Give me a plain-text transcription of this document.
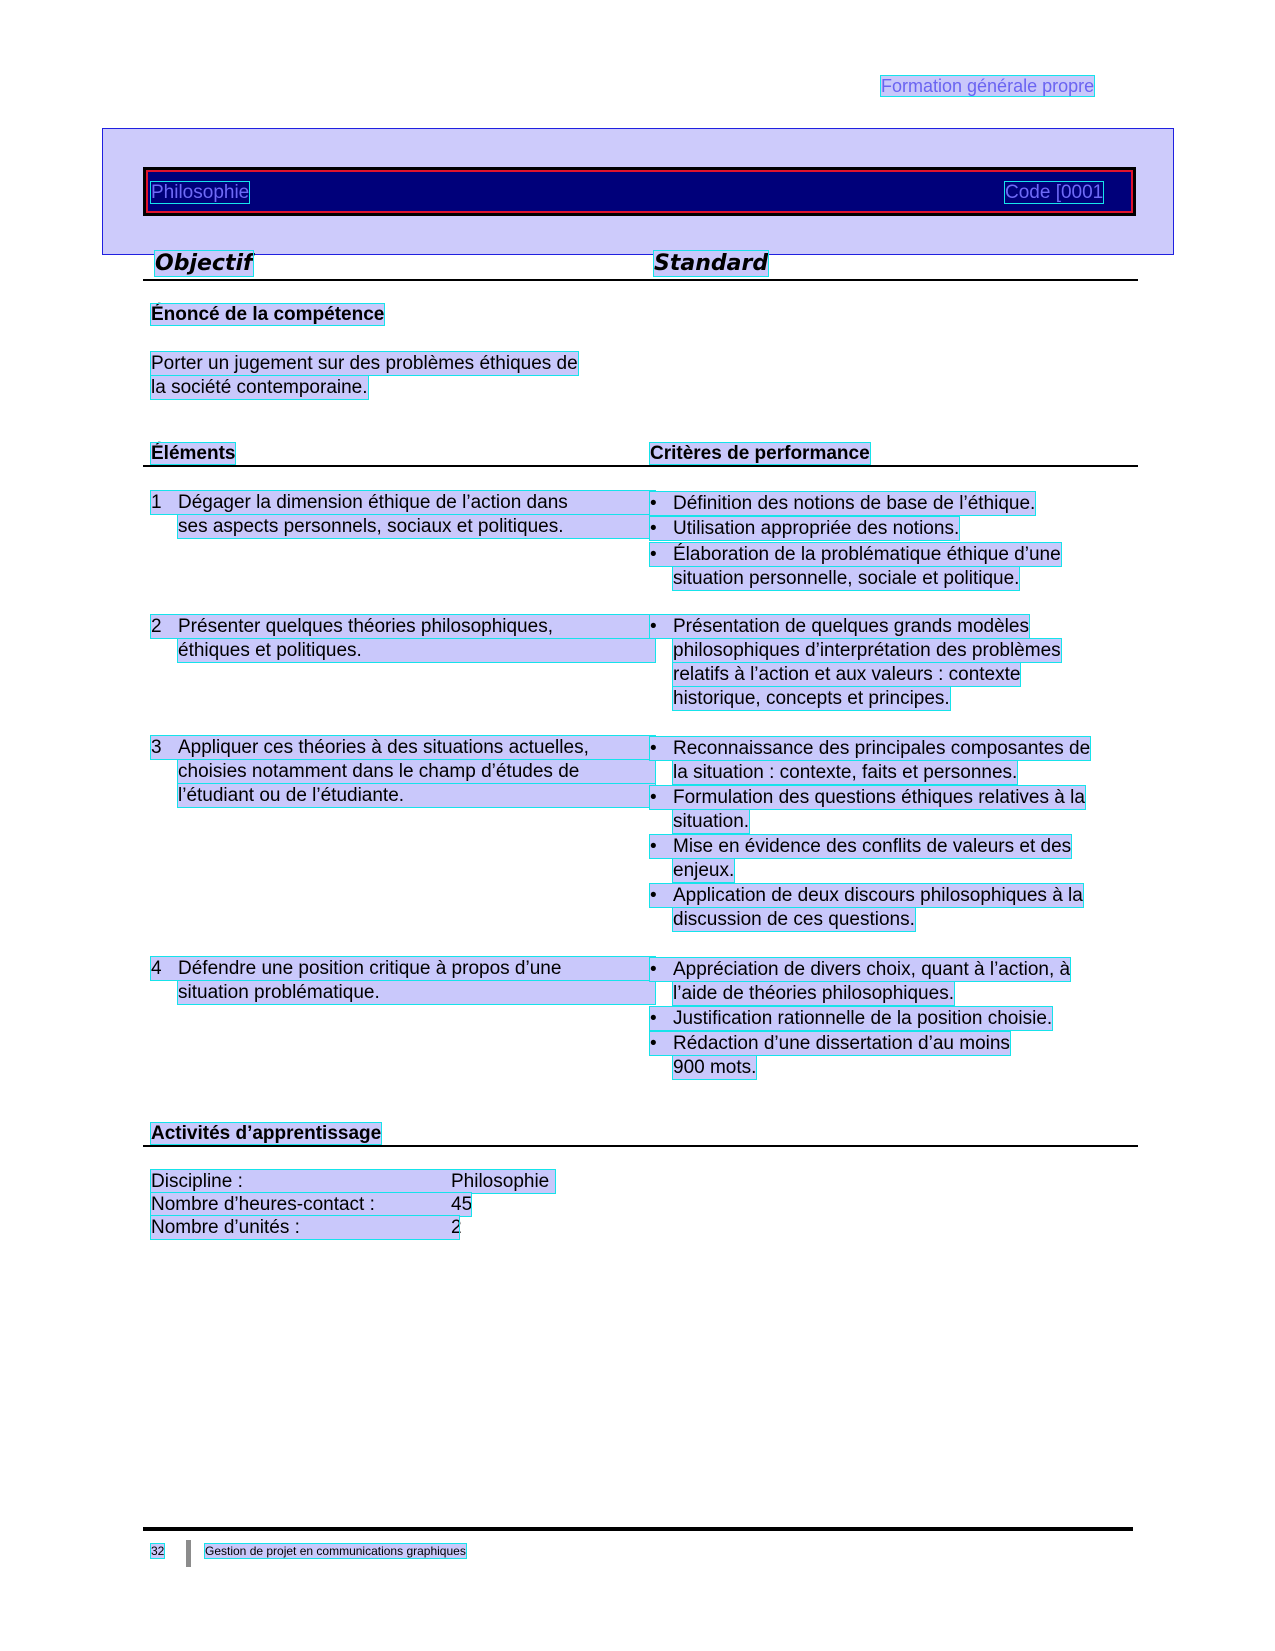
Formation générale propre
Philosophie	Code [0001
Objectif	Standard
Énoncé de la compétence
Porter un jugement sur des problèmes éthiques de
la société contemporaine.
Éléments	Critères de performance
1 Dégager la dimension éthique de l’action dans
ses aspects personnels, sociaux et politiques.
• Définition des notions de base de l’éthique.
• Utilisation appropriée des notions.
• Élaboration de la problématique éthique d’une
situation personnelle, sociale et politique.
2 Présenter quelques théories philosophiques,
éthiques et politiques.
• Présentation de quelques grands modèles
philosophiques d’interprétation des problèmes
relatifs à l’action et aux valeurs : contexte
historique, concepts et principes.
3 Appliquer ces théories à des situations actuelles,
choisies notamment dans le champ d’études de
l’étudiant ou de l’étudiante.
• Reconnaissance des principales composantes de
la situation : contexte, faits et personnes.
• Formulation des questions éthiques relatives à la
situation.
• Mise en évidence des conflits de valeurs et des
enjeux.
• Application de deux discours philosophiques à la
discussion de ces questions.
4 Défendre une position critique à propos d’une
situation problématique.
• Appréciation de divers choix, quant à l’action, à
l’aide de théories philosophiques.
• Justification rationnelle de la position choisie.
• Rédaction d’une dissertation d’au moins
900 mots.
Activités d’apprentissage
Discipline :	Philosophie
Nombre d’heures-contact :	45
Nombre d’unités :	2
32	Gestion de projet en communications graphiques
